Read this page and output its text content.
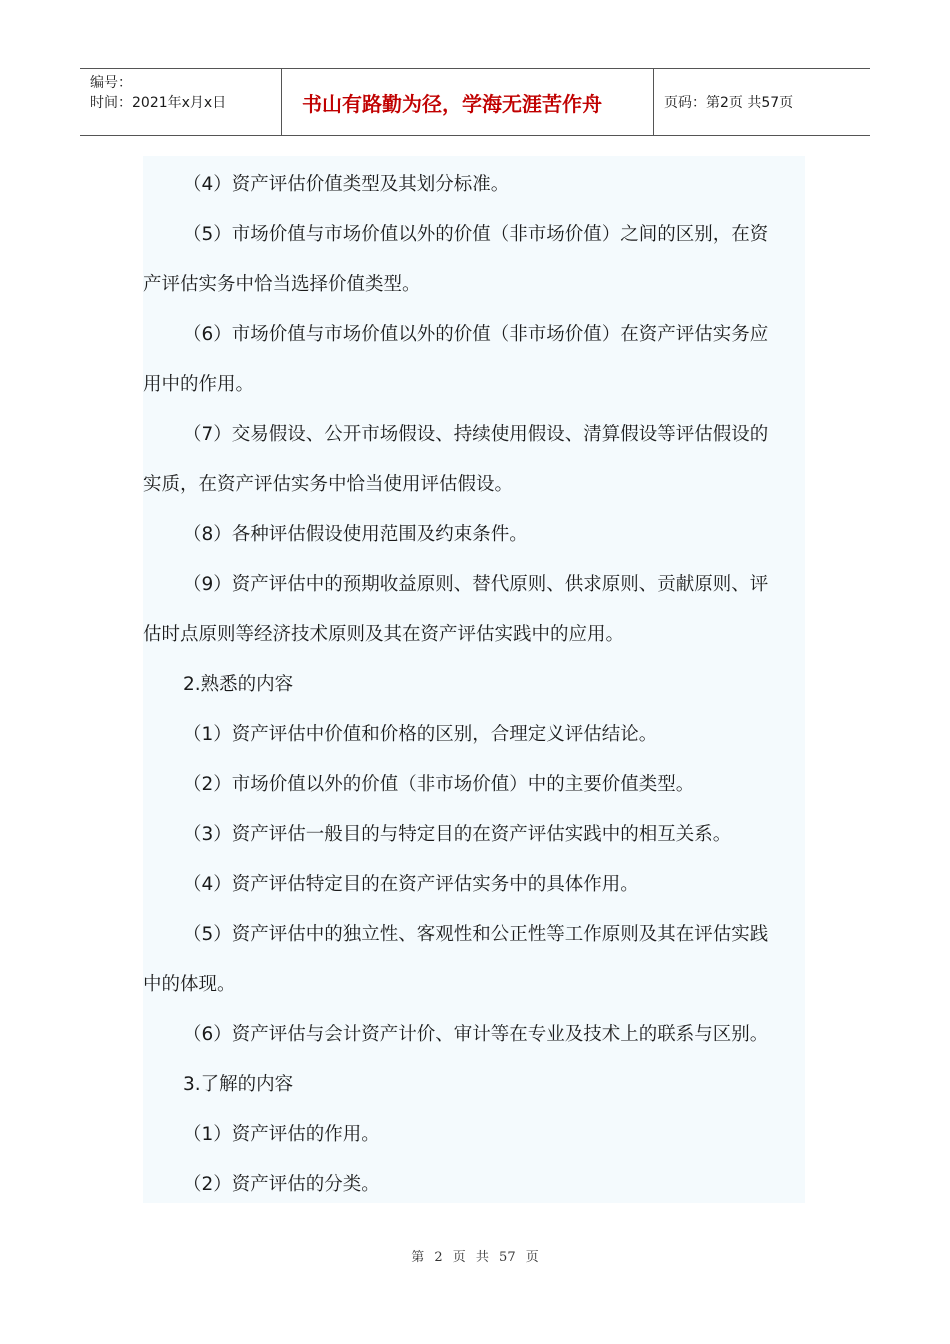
编号：
时间：2021年x月x日	书山有路勤为径，学海无涯苦作舟	页码：第2页 共57页
（4）资产评估价值类型及其划分标准。
（5）市场价值与市场价值以外的价值（非市场价值）之间的区别，在资
产评估实务中恰当选择价值类型。
（6）市场价值与市场价值以外的价值（非市场价值）在资产评估实务应
用中的作用。
（7）交易假设、公开市场假设、持续使用假设、清算假设等评估假设的
实质，在资产评估实务中恰当使用评估假设。
（8）各种评估假设使用范围及约束条件。
（9）资产评估中的预期收益原则、替代原则、供求原则、贡献原则、评
估时点原则等经济技术原则及其在资产评估实践中的应用。
2.熟悉的内容
（1）资产评估中价值和价格的区别，合理定义评估结论。
（2）市场价值以外的价值（非市场价值）中的主要价值类型。
（3）资产评估一般目的与特定目的在资产评估实践中的相互关系。
（4）资产评估特定目的在资产评估实务中的具体作用。
（5）资产评估中的独立性、客观性和公正性等工作原则及其在评估实践
中的体现。
（6）资产评估与会计资产计价、审计等在专业及技术上的联系与区别。
3.了解的内容
（1）资产评估的作用。
（2）资产评估的分类。
第 2 页 共 57 页
